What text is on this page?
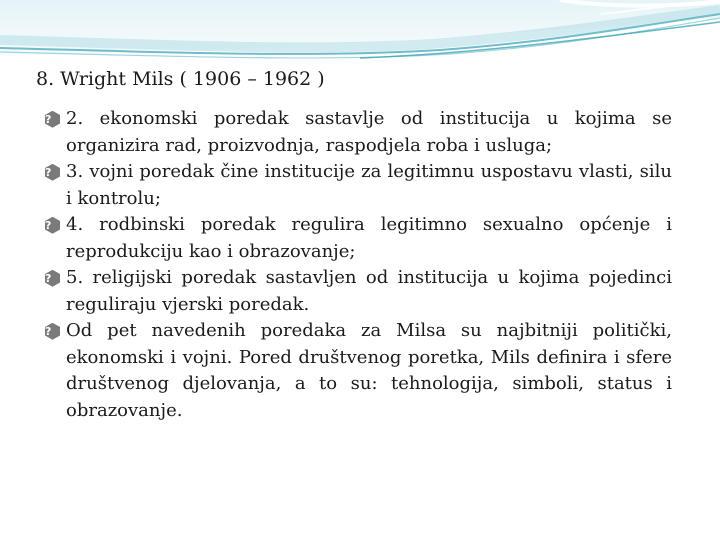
8. Wright Mils ( 1906 – 1962 )
?
2. ekonomski poredak sastavlje od institucija u kojima se organizira rad, proizvodnja, raspodjela roba i usluga;
?
3. vojni poredak čine institucije za legitimnu uspostavu vlasti, silu i kontrolu;
?
4. rodbinski poredak regulira legitimno sexualno općenje i reprodukciju kao i obrazovanje;
?
5. religijski poredak sastavljen od institucija u kojima pojedinci reguliraju vjerski poredak.
?
Od pet navedenih poredaka za Milsa su najbitniji politički, ekonomski i vojni. Pored društvenog poretka, Mils definira i sfere društvenog djelovanja, a to su: tehnologija, simboli, status i obrazovanje.
